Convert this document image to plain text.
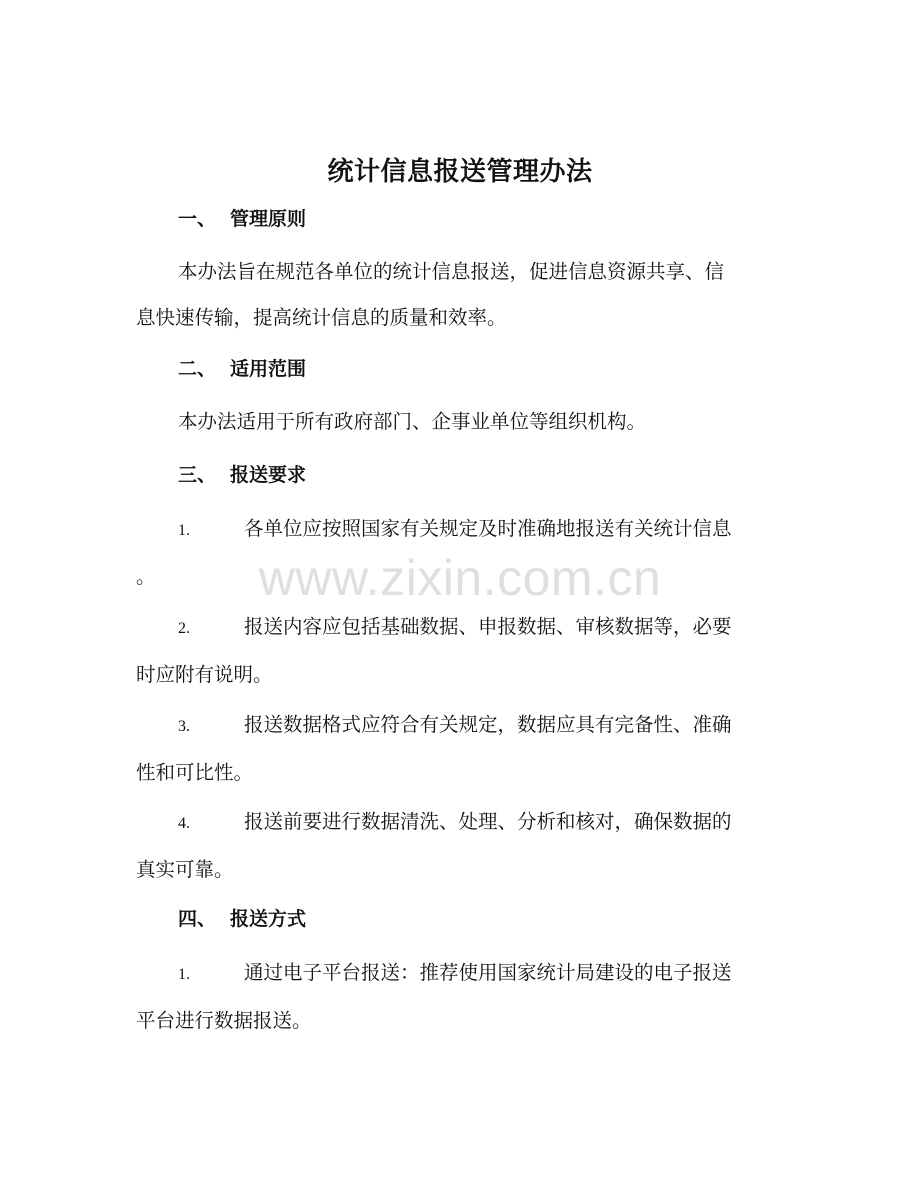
统计信息报送管理办法
一、 管理原则
本办法旨在规范各单位的统计信息报送，促进信息资源共享、信
息快速传输，提高统计信息的质量和效率。
二、 适用范围
本办法适用于所有政府部门、企事业单位等组织机构。
三、 报送要求
1.	各单位应按照国家有关规定及时准确地报送有关统计信息
。
2.	报送内容应包括基础数据、申报数据、审核数据等，必要
时应附有说明。
3.	报送数据格式应符合有关规定，数据应具有完备性、准确
性和可比性。
4.	报送前要进行数据清洗、处理、分析和核对，确保数据的
真实可靠。
四、 报送方式
1.	通过电子平台报送：推荐使用国家统计局建设的电子报送
平台进行数据报送。
www.zixin.com.cn
